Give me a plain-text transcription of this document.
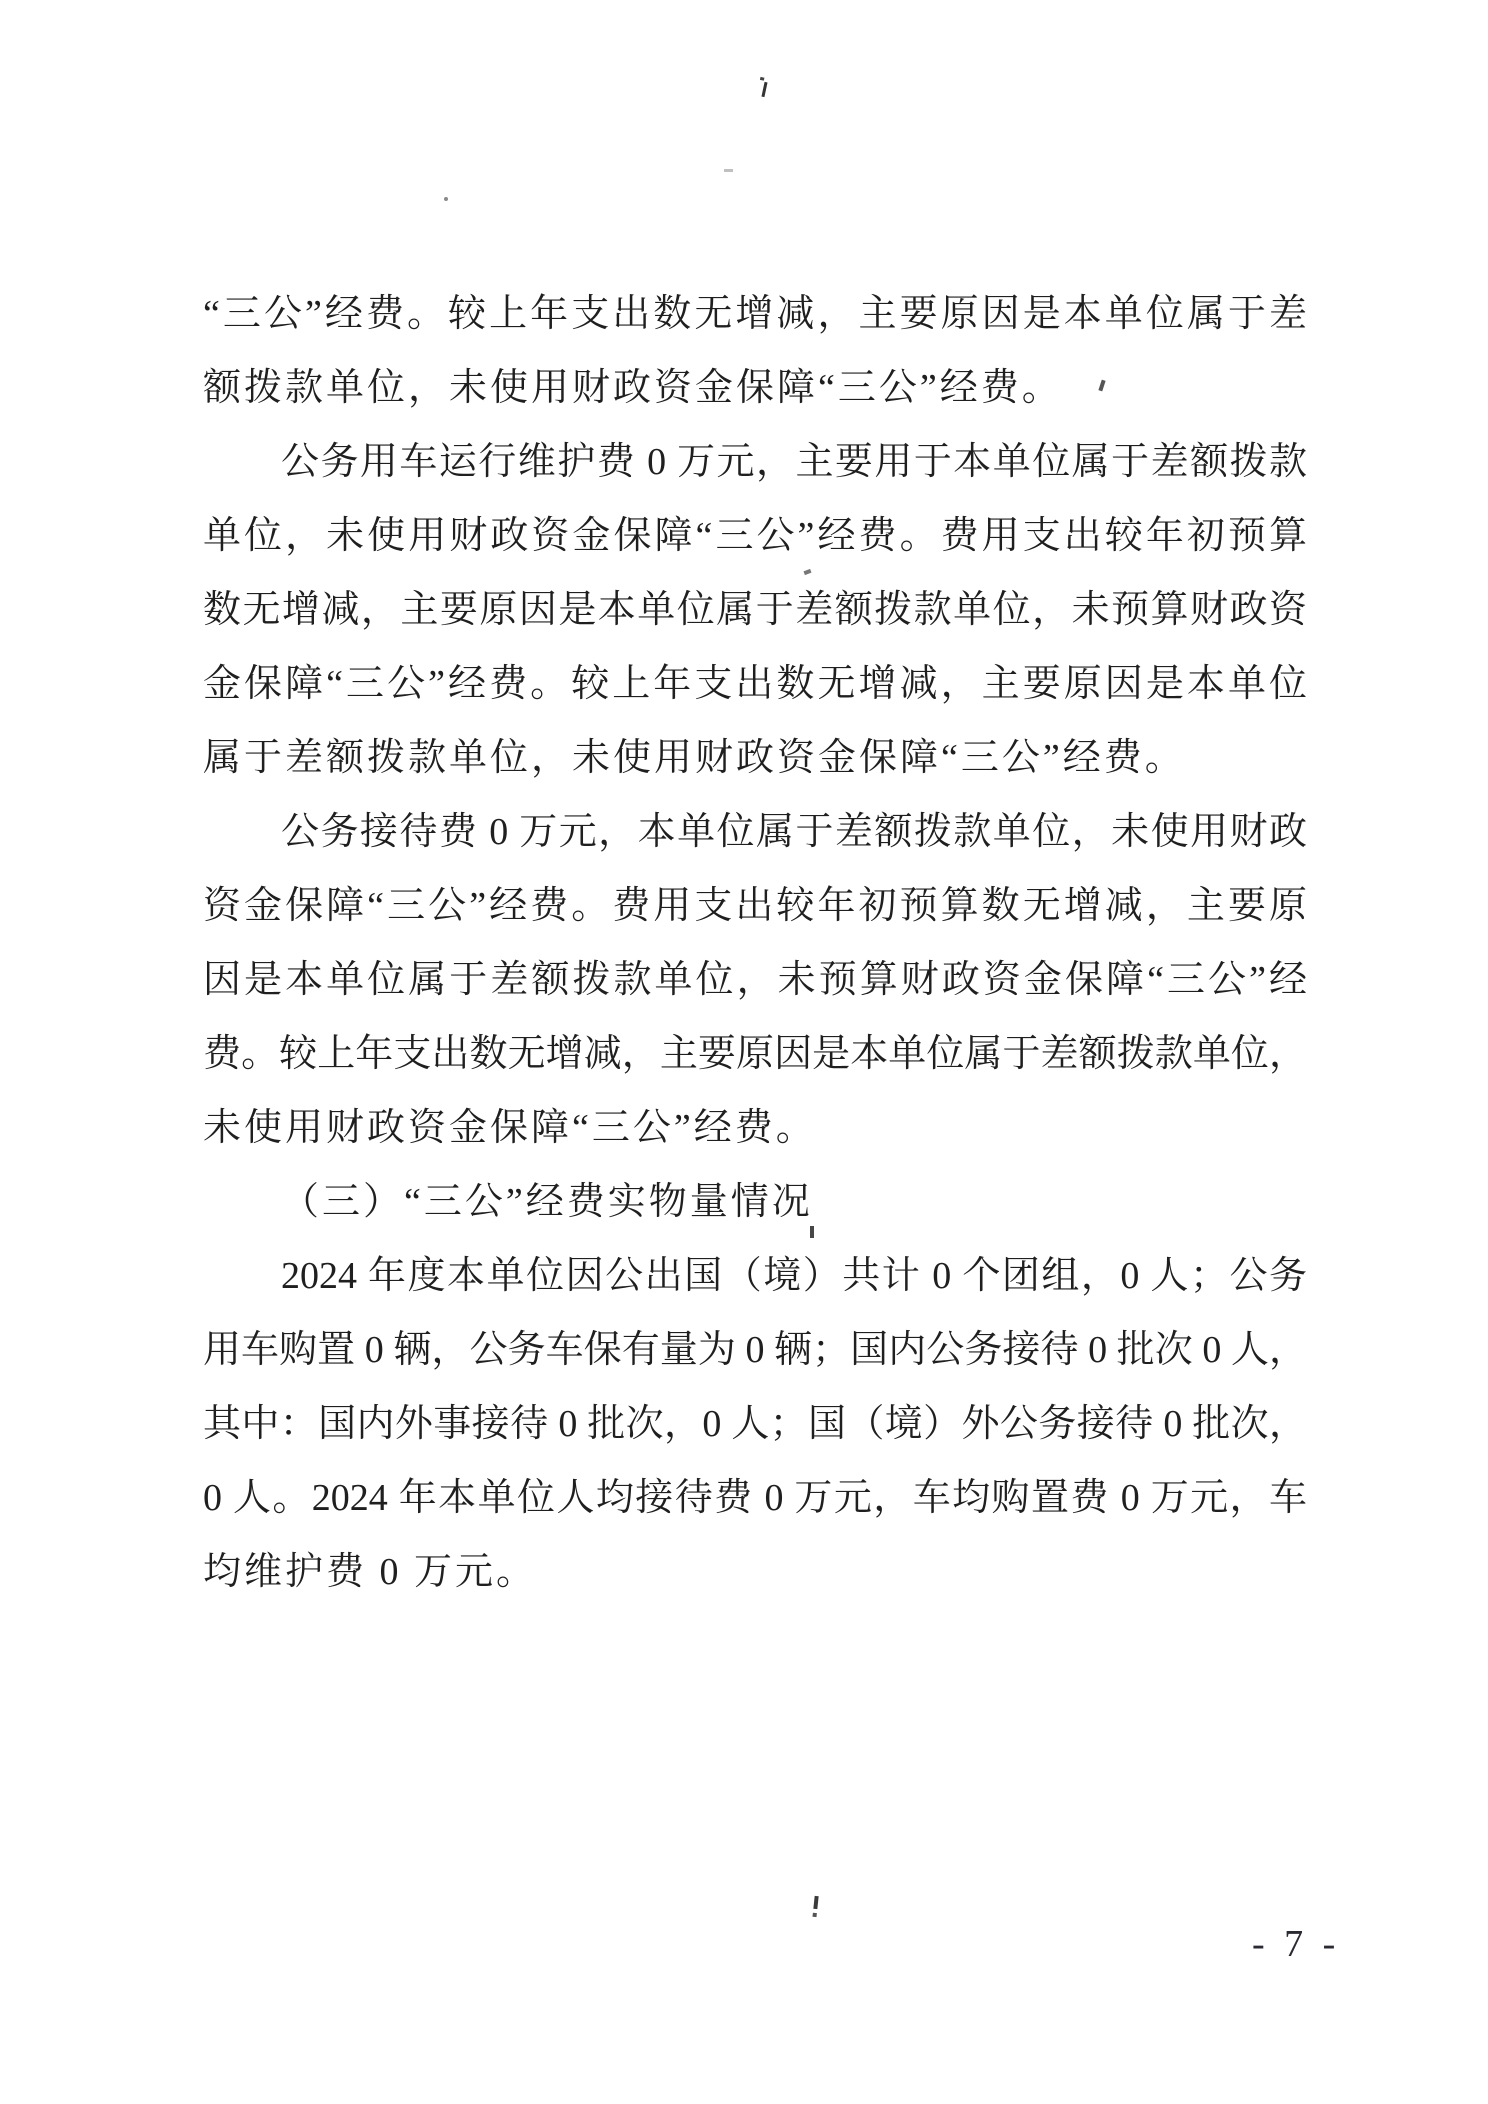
“三公”经费。较上年支出数无增减，主要原因是本单位属于差
额拨款单位，未使用财政资金保障“三公”经费。
公务用车运行维护费 0 万元，主要用于本单位属于差额拨款
单位，未使用财政资金保障“三公”经费。费用支出较年初预算
数无增减，主要原因是本单位属于差额拨款单位，未预算财政资
金保障“三公”经费。较上年支出数无增减，主要原因是本单位
属于差额拨款单位，未使用财政资金保障“三公”经费。
公务接待费 0 万元，本单位属于差额拨款单位，未使用财政
资金保障“三公”经费。费用支出较年初预算数无增减，主要原
因是本单位属于差额拨款单位，未预算财政资金保障“三公”经
费。较上年支出数无增减，主要原因是本单位属于差额拨款单位，
未使用财政资金保障“三公”经费。
（三）“三公”经费实物量情况
2024 年度本单位因公出国（境）共计 0 个团组，0 人；公务
用车购置 0 辆，公务车保有量为 0 辆；国内公务接待 0 批次 0 人，
其中：国内外事接待 0 批次，0 人；国（境）外公务接待 0 批次，
0 人。2024 年本单位人均接待费 0 万元，车均购置费 0 万元，车
均维护费 0 万元。
- 7 -
